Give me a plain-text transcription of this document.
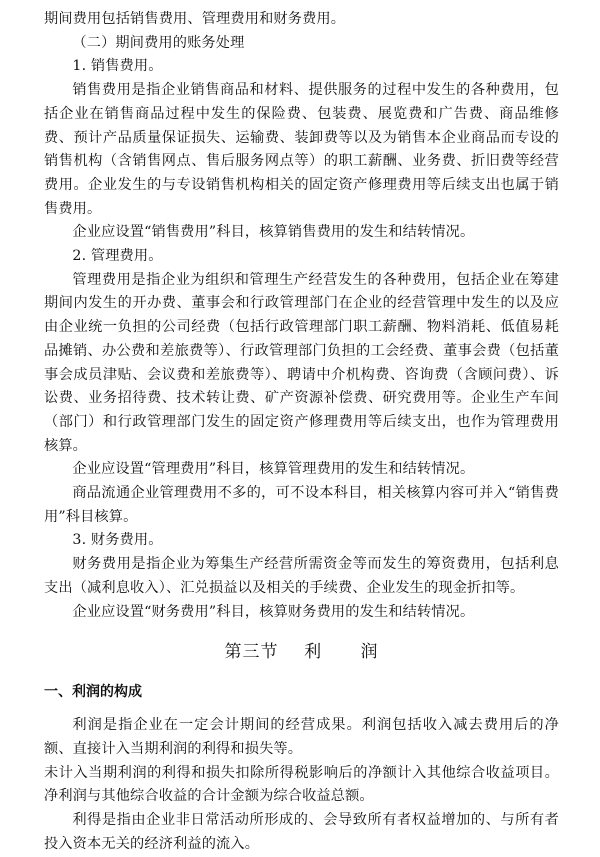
期间费用包括销售费用、管理费用和财务费用。

（二）期间费用的账务处理

1. 销售费用。

销售费用是指企业销售商品和材料、提供服务的过程中发生的各种费用，包括企业在销售商品过程中发生的保险费、包装费、展览费和广告费、商品维修费、预计产品质量保证损失、运输费、装卸费等以及为销售本企业商品而专设的销售机构（含销售网点、售后服务网点等）的职工薪酬、业务费、折旧费等经营费用。企业发生的与专设销售机构相关的固定资产修理费用等后续支出也属于销售费用。

企业应设置“销售费用”科目，核算销售费用的发生和结转情况。

2. 管理费用。

管理费用是指企业为组织和管理生产经营发生的各种费用，包括企业在筹建期间内发生的开办费、董事会和行政管理部门在企业的经营管理中发生的以及应由企业统一负担的公司经费（包括行政管理部门职工薪酬、物料消耗、低值易耗品摊销、办公费和差旅费等）、行政管理部门负担的工会经费、董事会费（包括董事会成员津贴、会议费和差旅费等）、聘请中介机构费、咨询费（含顾问费）、诉讼费、业务招待费、技术转让费、矿产资源补偿费、研究费用等。企业生产车间（部门）和行政管理部门发生的固定资产修理费用等后续支出，也作为管理费用核算。

企业应设置“管理费用”科目，核算管理费用的发生和结转情况。

商品流通企业管理费用不多的，可不设本科目，相关核算内容可并入“销售费用”科目核算。

3. 财务费用。

财务费用是指企业为筹集生产经营所需资金等而发生的筹资费用，包括利息支出（减利息收入）、汇兑损益以及相关的手续费、企业发生的现金折扣等。

企业应设置“财务费用”科目，核算财务费用的发生和结转情况。

第三节    利      润
一、利润的构成

利润是指企业在一定会计期间的经营成果。利润包括收入减去费用后的净额、直接计入当期利润的利得和损失等。

未计入当期利润的利得和损失扣除所得税影响后的净额计入其他综合收益项目。净利润与其他综合收益的合计金额为综合收益总额。

利得是指由企业非日常活动所形成的、会导致所有者权益增加的、与所有者投入资本无关的经济利益的流入。
